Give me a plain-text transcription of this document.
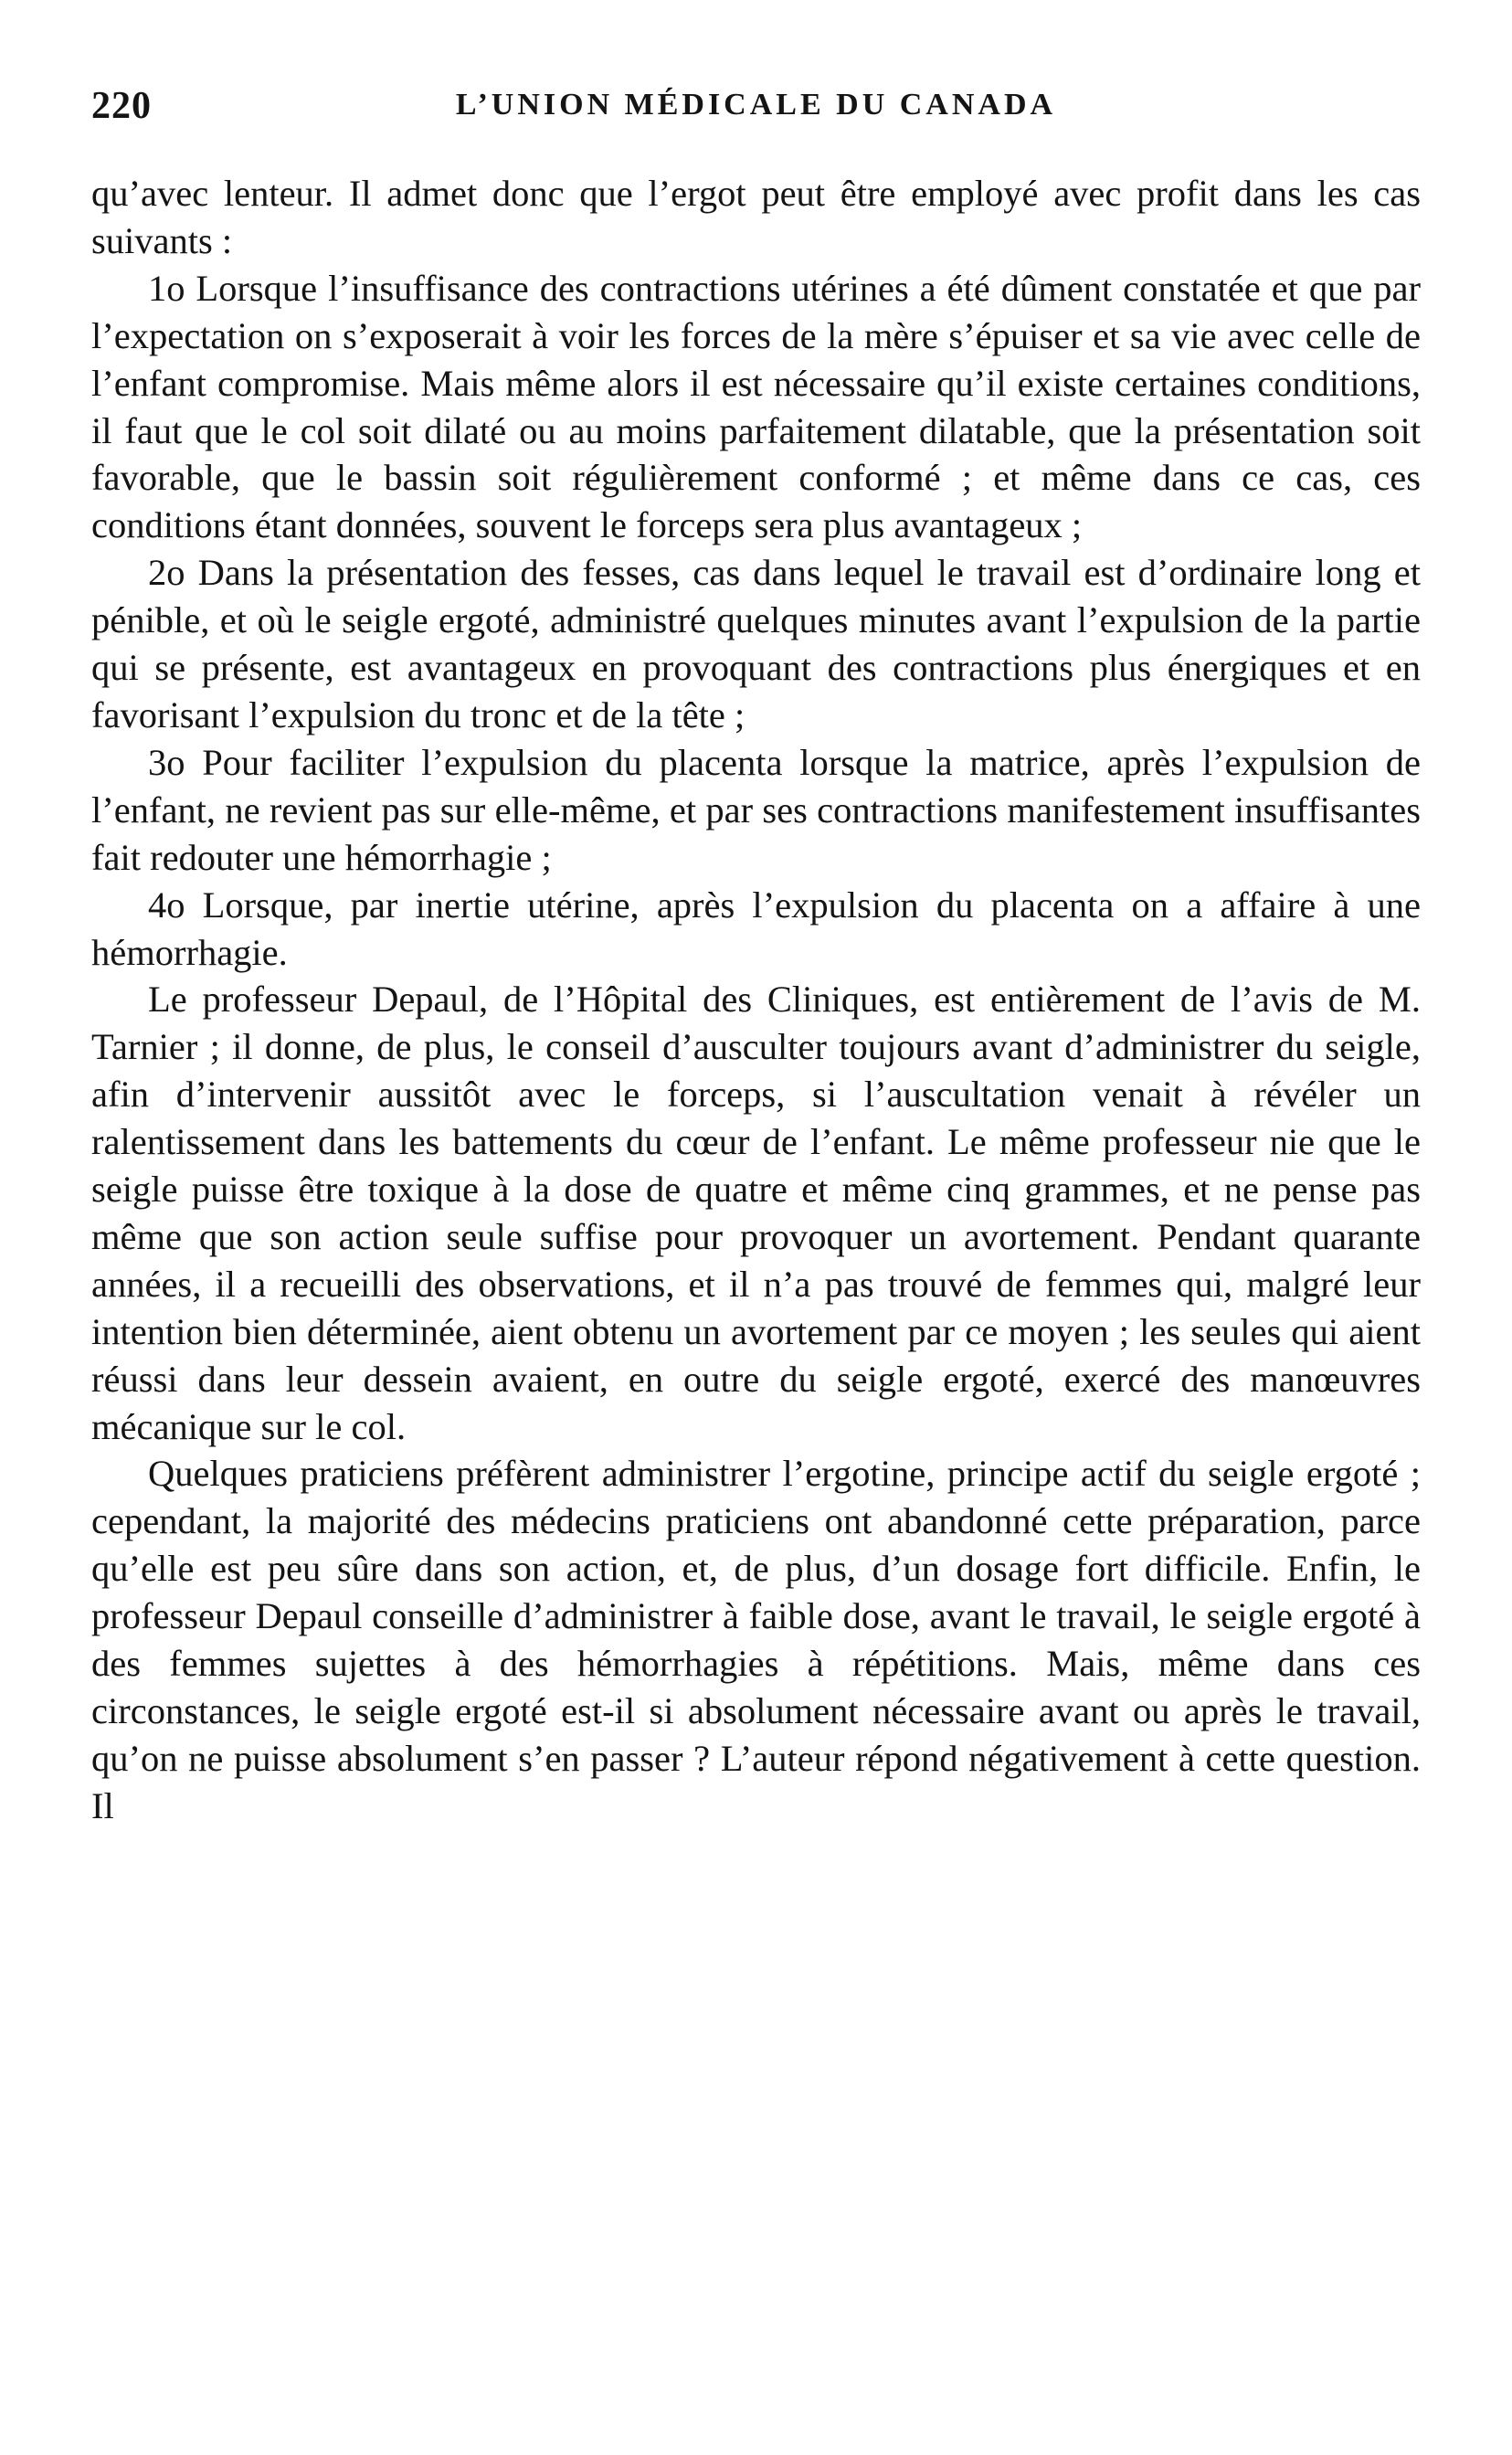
220	L’UNION MÉDICALE DU CANADA

qu’avec lenteur. Il admet donc que l’ergot peut être employé avec profit dans les cas suivants :

1o Lorsque l’insuffisance des contractions utérines a été dûment constatée et que par l’expectation on s’exposerait à voir les forces de la mère s’épuiser et sa vie avec celle de l’enfant compromise. Mais même alors il est nécessaire qu’il existe certaines conditions, il faut que le col soit dilaté ou au moins parfaitement dilatable, que la présentation soit favorable, que le bassin soit régulièrement conformé ; et même dans ce cas, ces conditions étant données, souvent le forceps sera plus avantageux ;

2o Dans la présentation des fesses, cas dans lequel le travail est d’ordinaire long et pénible, et où le seigle ergoté, administré quelques minutes avant l’expulsion de la partie qui se présente, est avantageux en provoquant des contractions plus énergiques et en favorisant l’expulsion du tronc et de la tête ;

3o Pour faciliter l’expulsion du placenta lorsque la matrice, après l’expulsion de l’enfant, ne revient pas sur elle-même, et par ses contractions manifestement insuffisantes fait redouter une hémorrhagie ;

4o Lorsque, par inertie utérine, après l’expulsion du placenta on a affaire à une hémorrhagie.

Le professeur Depaul, de l’Hôpital des Cliniques, est entièrement de l’avis de M. Tarnier ; il donne, de plus, le conseil d’ausculter toujours avant d’administrer du seigle, afin d’intervenir aussitôt avec le forceps, si l’auscultation venait à révéler un ralentissement dans les battements du cœur de l’enfant. Le même professeur nie que le seigle puisse être toxique à la dose de quatre et même cinq grammes, et ne pense pas même que son action seule suffise pour provoquer un avortement. Pendant quarante années, il a recueilli des observations, et il n’a pas trouvé de femmes qui, malgré leur intention bien déterminée, aient obtenu un avortement par ce moyen ; les seules qui aient réussi dans leur dessein avaient, en outre du seigle ergoté, exercé des manœuvres mécanique sur le col.

Quelques praticiens préfèrent administrer l’ergotine, principe actif du seigle ergoté ; cependant, la majorité des médecins praticiens ont abandonné cette préparation, parce qu’elle est peu sûre dans son action, et, de plus, d’un dosage fort difficile. Enfin, le professeur Depaul conseille d’administrer à faible dose, avant le travail, le seigle ergoté à des femmes sujettes à des hémorrhagies à répétitions. Mais, même dans ces circonstances, le seigle ergoté est-il si absolument nécessaire avant ou après le travail, qu’on ne puisse absolument s’en passer ? L’auteur répond négativement à cette question. Il
